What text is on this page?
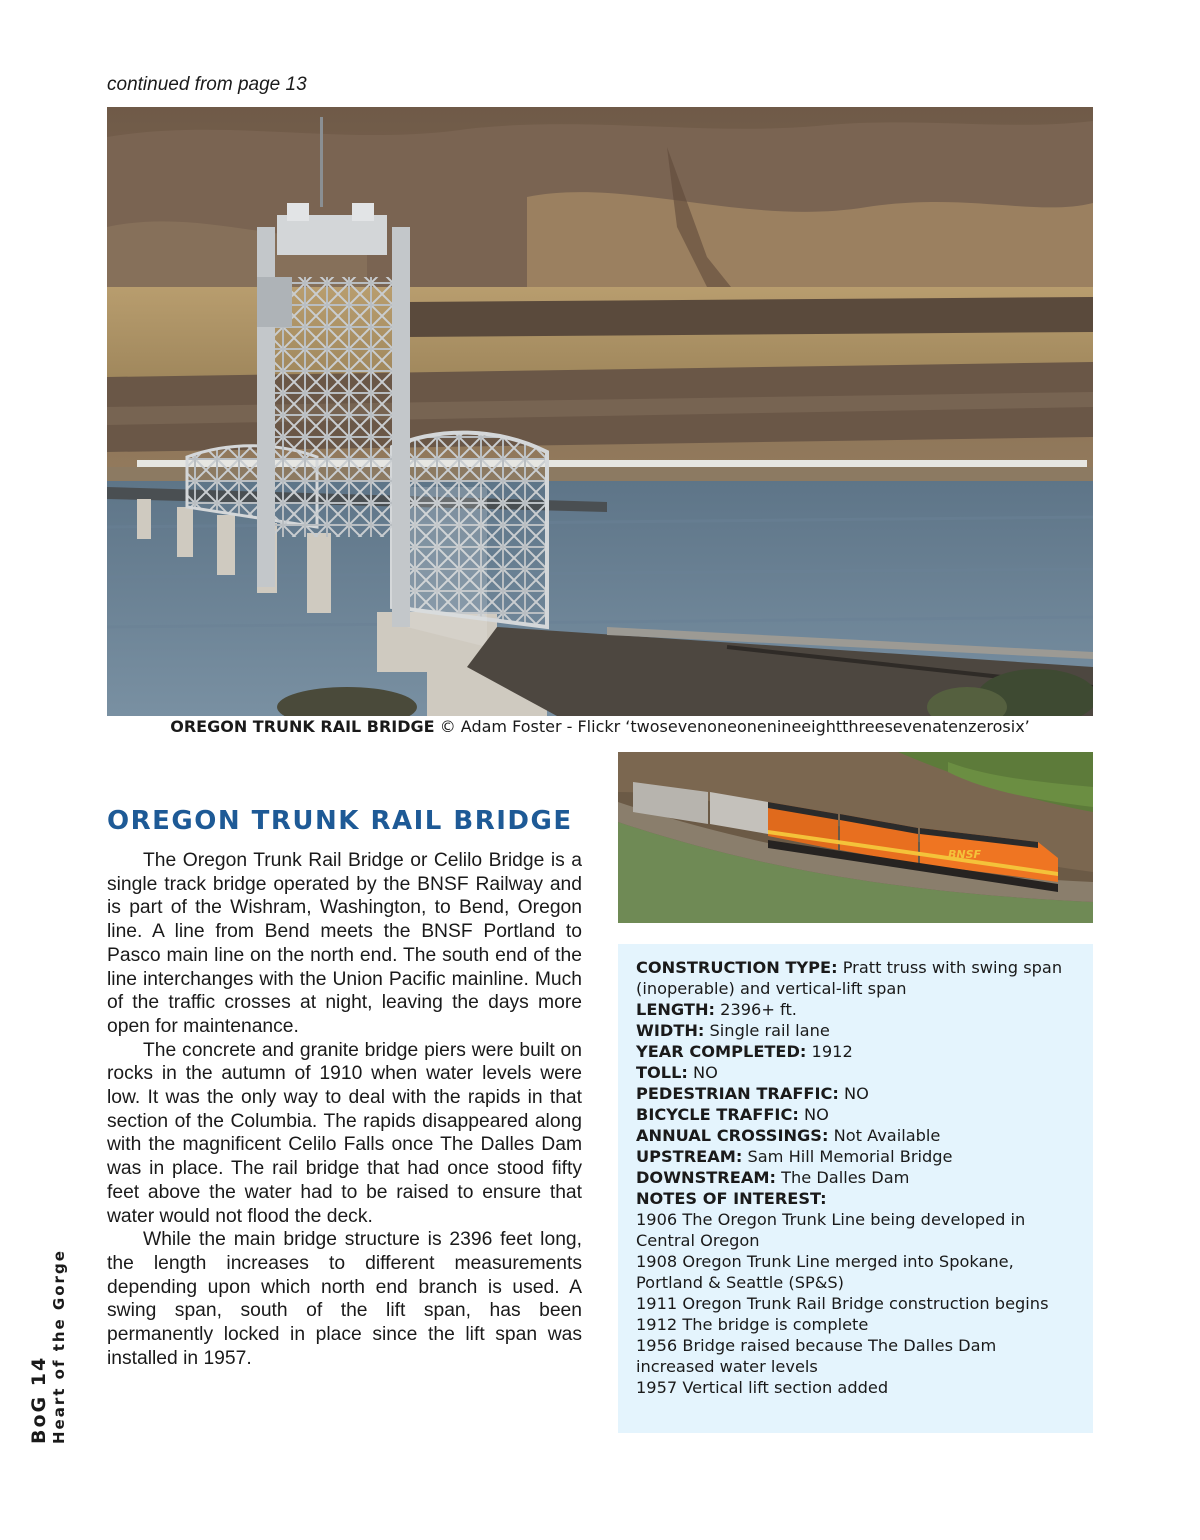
continued from page 13
OREGON TRUNK RAIL BRIDGE © Adam Foster - Flickr ‘twosevenoneonenineeightthreesevenatenzerosix’
BNSF
OREGON TRUNK RAIL BRIDGE

The Oregon Trunk Rail Bridge or Celilo Bridge is a single track bridge operated by the BNSF Railway and is part of the Wishram, Washington, to Bend, Oregon line. A line from Bend meets the BNSF Portland to Pasco main line on the north end. The south end of the line interchanges with the Union Pacific mainline. Much of the traffic crosses at night, leaving the days more open for maintenance.

The concrete and granite bridge piers were built on rocks in the autumn of 1910 when water levels were low. It was the only way to deal with the rapids in that section of the Columbia. The rapids disappeared along with the magnificent Celilo Falls once The Dalles Dam was in place. The rail bridge that had once stood fifty feet above the water had to be raised to ensure that water would not flood the deck.

While the main bridge structure is 2396 feet long, the length increases to different measurements depending upon which north end branch is used. A swing span, south of the lift span, has been permanently locked in place since the lift span was installed in 1957.

CONSTRUCTION TYPE: Pratt truss with swing span (inoperable) and vertical-lift span
LENGTH: 2396+ ft.
WIDTH: Single rail lane
YEAR COMPLETED: 1912
TOLL: NO
PEDESTRIAN TRAFFIC: NO
BICYCLE TRAFFIC: NO
ANNUAL CROSSINGS: Not Available
UPSTREAM: Sam Hill Memorial Bridge
DOWNSTREAM: The Dalles Dam
NOTES OF INTEREST:
1906 The Oregon Trunk Line being developed in Central Oregon
1908 Oregon Trunk Line merged into Spokane, Portland & Seattle (SP&S)
1911 Oregon Trunk Rail Bridge construction begins
1912 The bridge is complete
1956 Bridge raised because The Dalles Dam increased water levels
1957 Vertical lift section added
BoG 14 Heart of the Gorge
